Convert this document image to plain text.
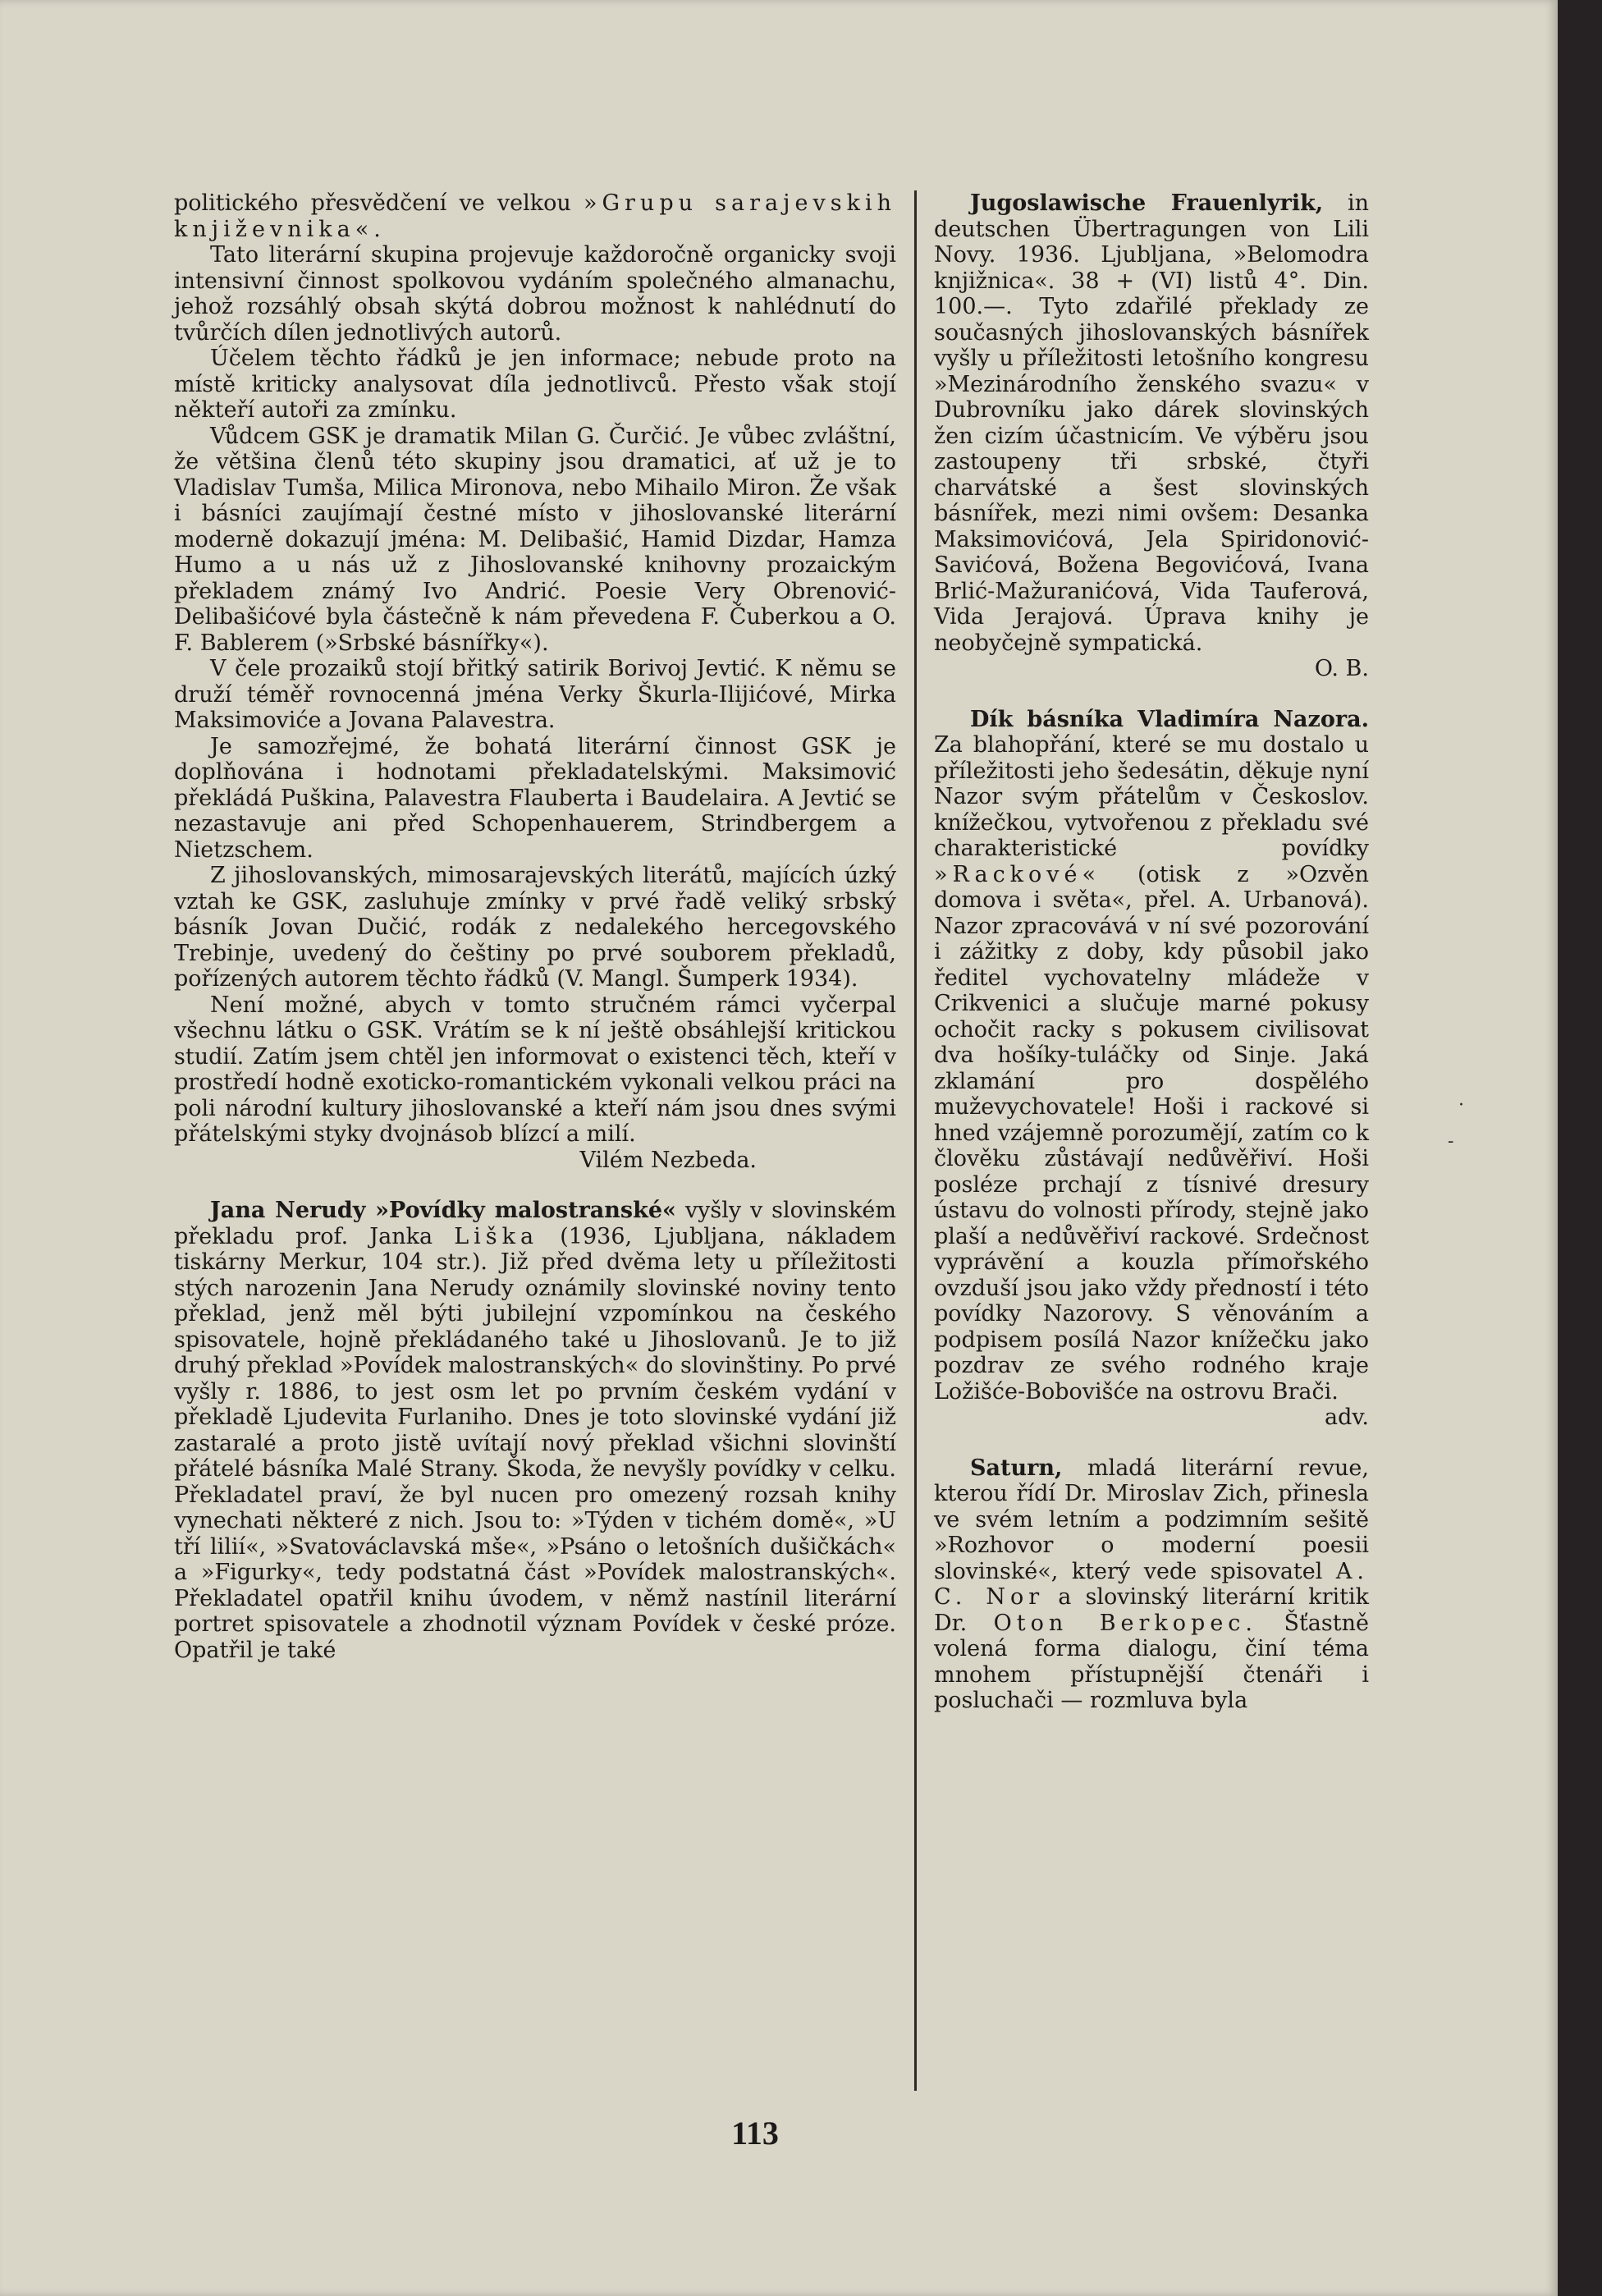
politického přesvědčení ve velkou »Grupu sarajevskih književnika«.

Tato literární skupina projevuje každoročně organicky svoji intensivní činnost spolkovou vydáním společného almanachu, jehož rozsáhlý obsah skýtá dobrou možnost k nahlédnutí do tvůrčích dílen jednotlivých autorů.

Účelem těchto řádků je jen informace; nebude proto na místě kriticky analysovat díla jednotlivců. Přesto však stojí někteří autoři za zmínku.

Vůdcem GSK je dramatik Milan G. Čurčić. Je vůbec zvláštní, že většina členů této skupiny jsou dramatici, ať už je to Vladislav Tumša, Milica Mironova, nebo Mihailo Miron. Že však i básníci zaujímají čestné místo v jihoslovanské literární moderně dokazují jména: M. Delibašić, Hamid Dizdar, Hamza Humo a u nás už z Jihoslovanské knihovny prozaickým překladem známý Ivo Andrić. Poesie Very Obrenović-Delibašićové byla částečně k nám převedena F. Čuberkou a O. F. Bablerem (»Srbské básnířky«).

V čele prozaiků stojí břitký satirik Borivoj Jevtić. K němu se druží téměř rovnocenná jména Verky Škurla-Ilijićové, Mirka Maksimoviće a Jovana Palavestra.

Je samozřejmé, že bohatá literární činnost GSK je doplňována i hodnotami překladatelskými. Maksimović překládá Puškina, Palavestra Flauberta i Baudelaira. A Jevtić se nezastavuje ani před Schopenhauerem, Strindbergem a Nietzschem.

Z jihoslovanských, mimosarajevských literátů, majících úzký vztah ke GSK, zasluhuje zmínky v prvé řadě veliký srbský básník Jovan Dučić, rodák z nedalekého hercegovského Trebinje, uvedený do češtiny po prvé souborem překladů, pořízených autorem těchto řádků (V. Mangl. Šumperk 1934).

Není možné, abych v tomto stručném rámci vyčerpal všechnu látku o GSK. Vrátím se k ní ještě obsáhlejší kritickou studií. Zatím jsem chtěl jen informovat o existenci těch, kteří v prostředí hodně exoticko-romantickém vykonali velkou práci na poli národní kultury jihoslovanské a kteří nám jsou dnes svými přátelskými styky dvojnásob blízcí a milí.

Vilém Nezbeda.

Jana Nerudy »Povídky malostranské« vyšly v slovinském překladu prof. Janka Liška (1936, Ljubljana, nákladem tiskárny Merkur, 104 str.). Již před dvěma lety u příležitosti stých narozenin Jana Nerudy oznámily slovinské noviny tento překlad, jenž měl býti jubilejní vzpomínkou na českého spisovatele, hojně překládaného také u Jihoslovanů. Je to již druhý překlad »Povídek malostranských« do slovinštiny. Po prvé vyšly r. 1886, to jest osm let po prvním českém vydání v překladě Ljudevita Furlaniho. Dnes je toto slovinské vydání již zastaralé a proto jistě uvítají nový překlad všichni slovinští přátelé básníka Malé Strany. Škoda, že nevyšly povídky v celku. Překladatel praví, že byl nucen pro omezený rozsah knihy vynechati některé z nich. Jsou to: »Týden v tichém domě«, »U tří lilií«, »Svatováclavská mše«, »Psáno o letošních dušičkách« a »Figurky«, tedy podstatná část »Povídek malostranských«. Překladatel opatřil knihu úvodem, v němž nastínil literární portret spisovatele a zhodnotil význam Povídek v české próze. Opatřil je také

Jugoslawische Frauenlyrik, in deutschen Übertragungen von Lili Novy. 1936. Ljubljana, »Belomodra knjižnica«. 38 + (VI) listů 4°. Din. 100.—. Tyto zdařilé překlady ze současných jihoslovanských básnířek vyšly u příležitosti letošního kongresu »Mezinárodního ženského svazu« v Dubrovníku jako dárek slovinských žen cizím účastnicím. Ve výběru jsou zastoupeny tři srbské, čtyři charvátské a šest slovinských básnířek, mezi nimi ovšem: Desanka Maksimovićová, Jela Spiridonović-Savićová, Božena Begovićová, Ivana Brlić-Mažuranićová, Vida Tauferová, Vida Jerajová. Úprava knihy je neobyčejně sympatická.

O. B.

Dík básníka Vladimíra Nazora. Za blahopřání, které se mu dostalo u příležitosti jeho šedesátin, děkuje nyní Nazor svým přátelům v Českoslov. knížečkou, vytvořenou z překladu své charakteristické povídky »Rackové« (otisk z »Ozvěn domova i světa«, přel. A. Urbanová). Nazor zpracovává v ní své pozorování i zážitky z doby, kdy působil jako ředitel vychovatelny mládeže v Crikvenici a slučuje marné pokusy ochočit racky s pokusem civilisovat dva hošíky-tuláčky od Sinje. Jaká zklamání pro dospělého muževychovatele! Hoši i rackové si hned vzájemně porozumějí, zatím co k člověku zůstávají nedůvěřiví. Hoši posléze prchají z tísnivé dresury ústavu do volnosti přírody, stejně jako plaší a nedůvěřiví rackové. Srdečnost vyprávění a kouzla přímořského ovzduší jsou jako vždy předností i této povídky Nazorovy. S věnováním a podpisem posílá Nazor knížečku jako pozdrav ze svého rodného kraje Ložišće-Bobovišće na ostrovu Brači.

adv.

Saturn, mladá literární revue, kterou řídí Dr. Miroslav Zich, přinesla ve svém letním a podzimním sešitě »Rozhovor o moderní poesii slovinské«, který vede spisovatel A. C. Nor a slovinský literární kritik Dr. Oton Berkopec. Šťastně volená forma dialogu, činí téma mnohem přístupnější čtenáři i posluchači — rozmluva byla

·
-
113
